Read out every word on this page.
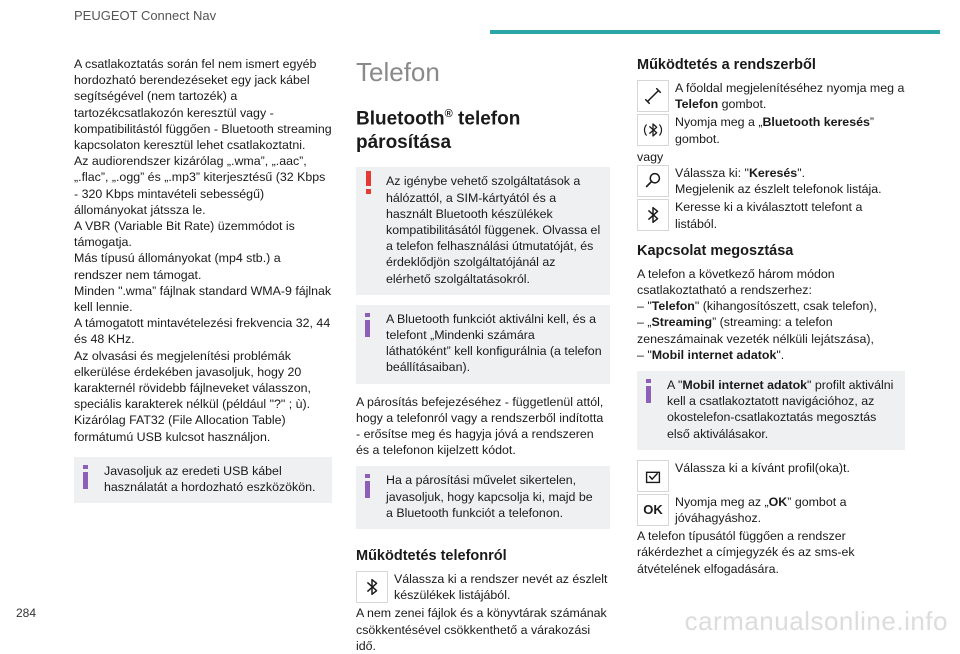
PEUGEOT Connect Nav

A csatlakoztatás során fel nem ismert egyéb hordozható berendezéseket egy jack kábel segítségével (nem tartozék) a tartozékcsatlakozón keresztül vagy - kompatibilitástól függően - Bluetooth streaming kapcsolaton keresztül lehet csatlakoztatni.

Az audiorendszer kizárólag „.wma”, „.aac”, „.flac”, „.ogg” és „.mp3” kiterjesztésű (32 Kbps - 320 Kbps mintavételi sebességű) állományokat játssza le.

A VBR (Variable Bit Rate) üzemmódot is támogatja.

Más típusú állományokat (mp4 stb.) a rendszer nem támogat.

Minden ".wma” fájlnak standard WMA-9 fájlnak kell lennie.

A támogatott mintavételezési frekvencia 32, 44 és 48 KHz.

Az olvasási és megjelenítési problémák elkerülése érdekében javasoljuk, hogy 20 karakternél rövidebb fájlneveket válasszon, speciális karakterek nélkül (például "?" ; ù).

Kizárólag FAT32 (File Allocation Table) formátumú USB kulcsot használjon.

Javasoljuk az eredeti USB kábel használatát a hordozható eszközökön.
Telefon
Bluetooth® telefon párosítása
Az igénybe vehető szolgáltatások a hálózattól, a SIM-kártyától és a használt Bluetooth készülékek kompatibilitásától függenek. Olvassa el a telefon felhasználási útmutatóját, és érdeklődjön szolgáltatójánál az elérhető szolgáltatásokról.
A Bluetooth funkciót aktiválni kell, és a telefont „Mindenki számára láthatóként” kell konfigurálnia (a telefon beállításaiban).

A párosítás befejezéséhez - függetlenül attól, hogy a telefonról vagy a rendszerből indította - erősítse meg és hagyja jóvá a rendszeren és a telefonon kijelzett kódot.

Ha a párosítási művelet sikertelen, javasoljuk, hogy kapcsolja ki, majd be a Bluetooth funkciót a telefonon.
Működtetés telefonról
Válassza ki a rendszer nevét az észlelt készülékek listájából.

A nem zenei fájlok és a könyvtárak számának csökkentésével csökkenthető a várakozási idő.

Működtetés a rendszerből
A főoldal megjelenítéséhez nyomja meg a Telefon gombot.
Nyomja meg a „Bluetooth keresés” gombot.

vagy

Válassza ki: "Keresés".
Megjelenik az észlelt telefonok listája.
Keresse ki a kiválasztott telefont a listából.
Kapcsolat megosztása

A telefon a következő három módon csatlakoztatható a rendszerhez:

– "Telefon" (kihangosítószett, csak telefon),

– „Streaming” (streaming: a telefon zeneszámainak vezeték nélküli lejátszása),

– "Mobil internet adatok".

A "Mobil internet adatok" profilt aktiválni kell a csatlakoztatott navigációhoz, az okostelefon-csatlakoztatás megosztás első aktiválásakor.
Válassza ki a kívánt profil(oka)t.
OK Nyomja meg az „OK” gombot a jóváhagyáshoz.

A telefon típusától függően a rendszer rákérdezhet a címjegyzék és az sms-ek átvételének elfogadására.

284	carmanualsonline.info
